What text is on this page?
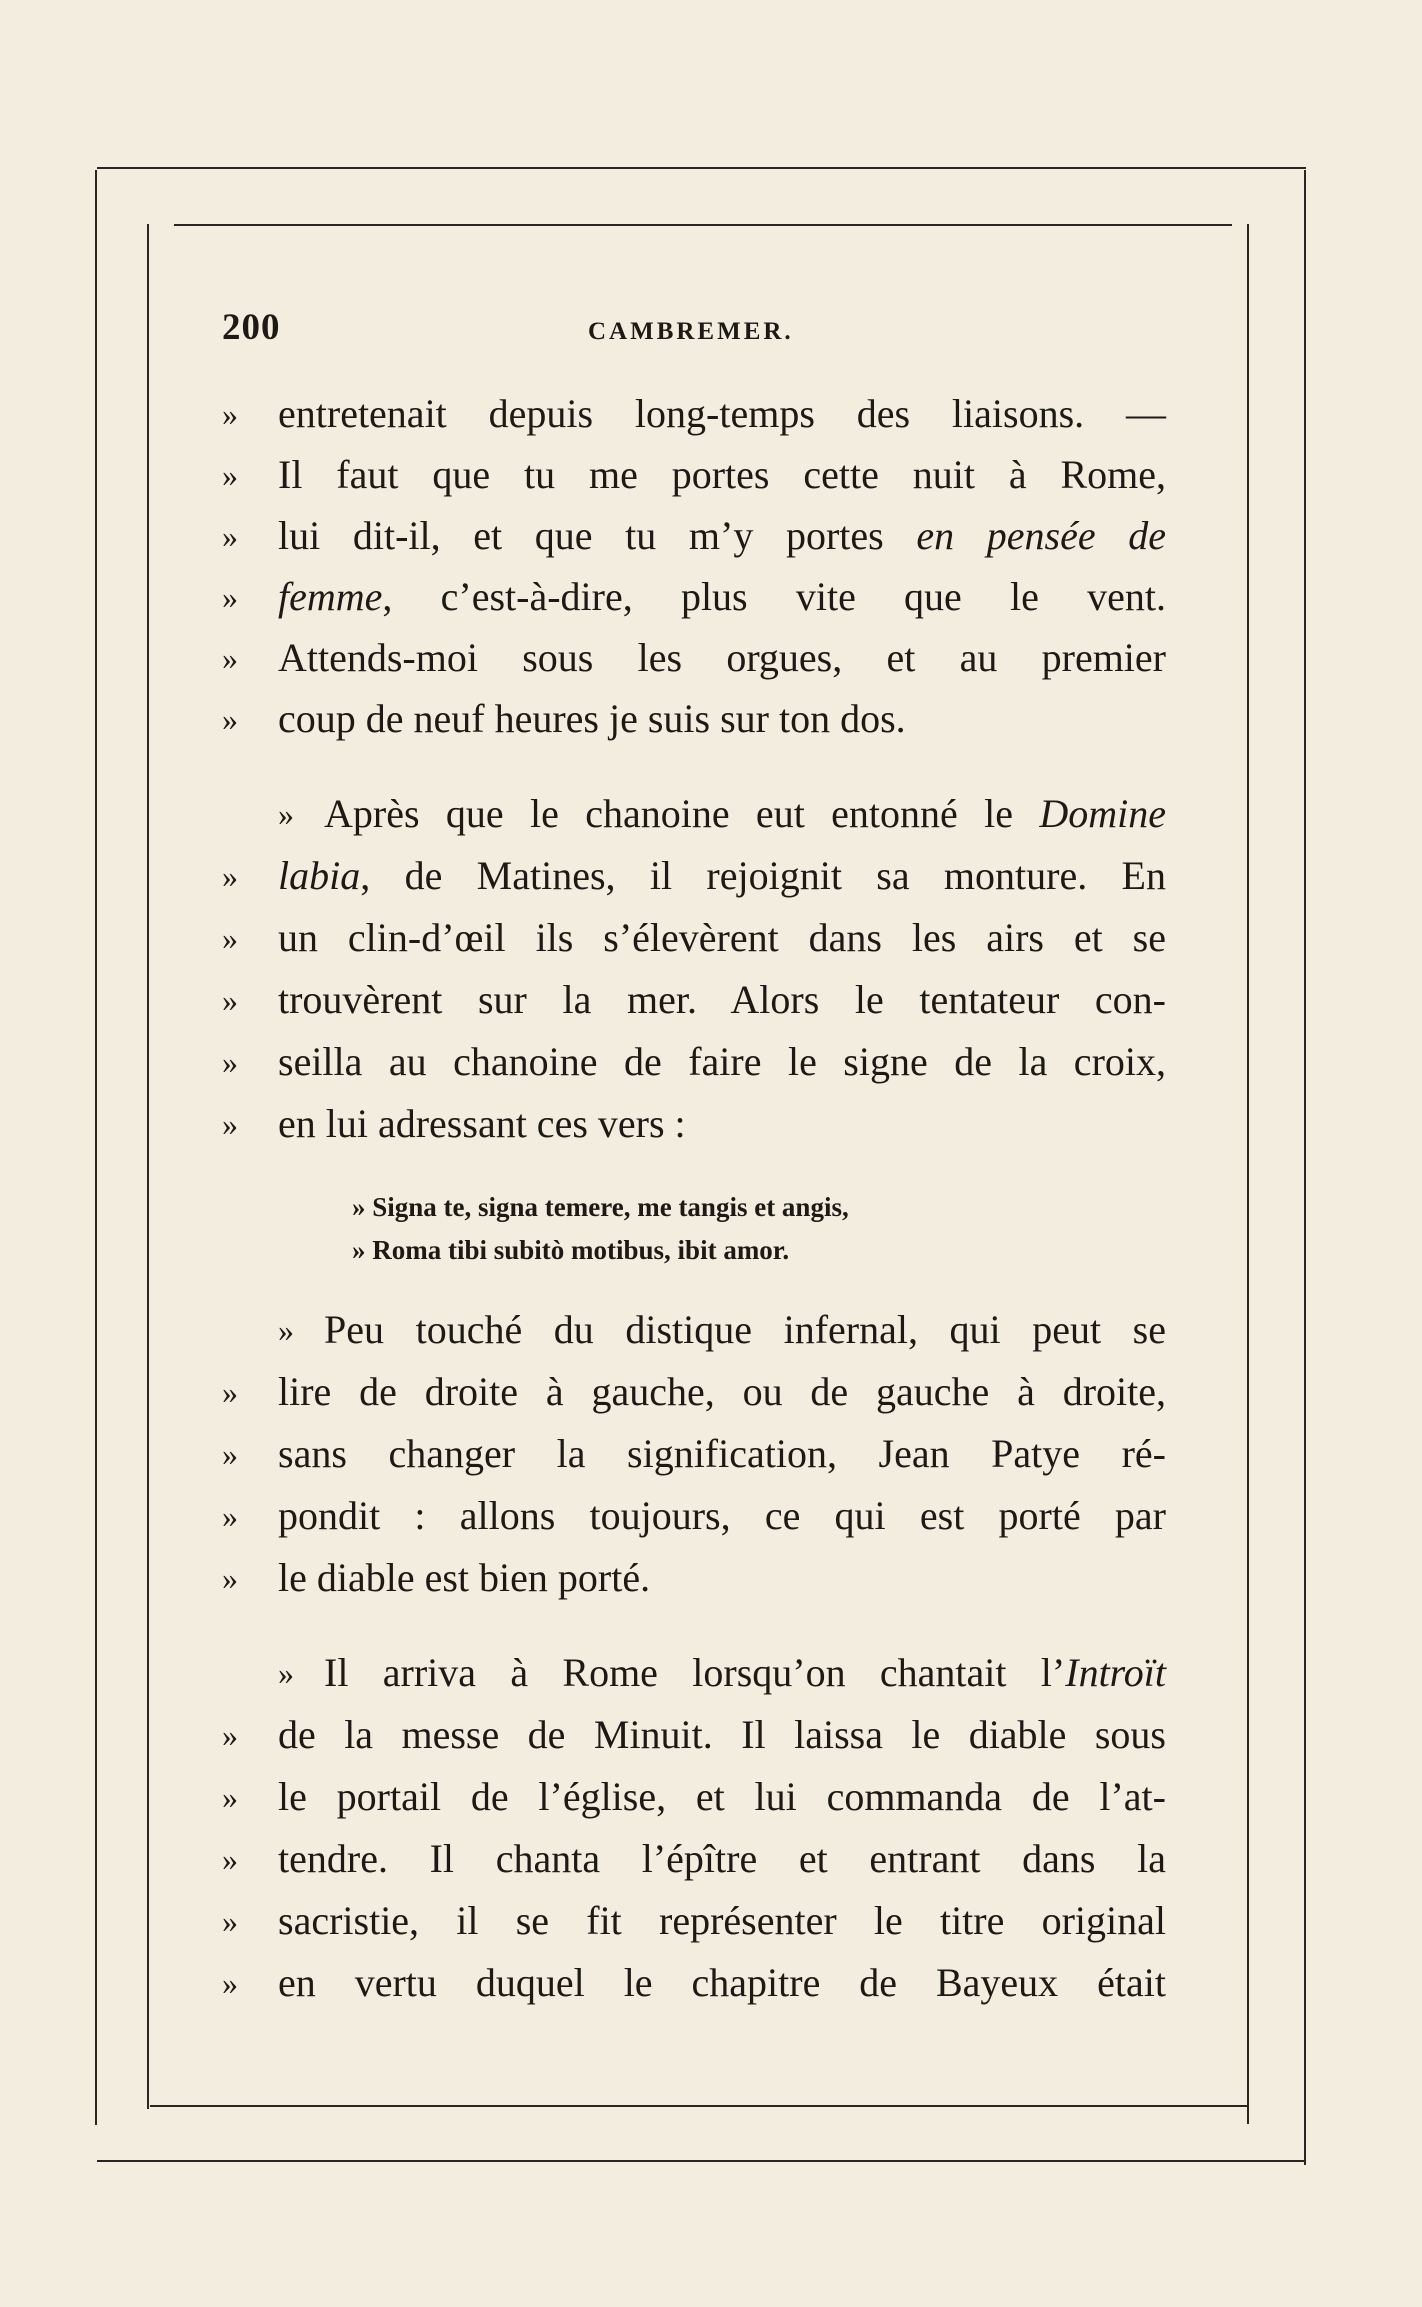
200	CAMBREMER.
» entretenait depuis long-temps des liaisons. —
» Il faut que tu me portes cette nuit à Rome,
» lui dit-il, et que tu m’y portes en pensée de
» femme, c’est-à-dire, plus vite que le vent.
» Attends-moi sous les orgues, et au premier
» coup de neuf heures je suis sur ton dos.
» Après que le chanoine eut entonné le Domine
» labia, de Matines, il rejoignit sa monture. En
» un clin-d’œil ils s’élevèrent dans les airs et se
» trouvèrent sur la mer. Alors le tentateur con-
» seilla au chanoine de faire le signe de la croix,
» en lui adressant ces vers :
» Signa te, signa temere, me tangis et angis,
» Roma tibi subitò motibus, ibit amor.
» Peu touché du distique infernal, qui peut se
» lire de droite à gauche, ou de gauche à droite,
» sans changer la signification, Jean Patye ré-
» pondit : allons toujours, ce qui est porté par
» le diable est bien porté.
» Il arriva à Rome lorsqu’on chantait l’Introït
» de la messe de Minuit. Il laissa le diable sous
» le portail de l’église, et lui commanda de l’at-
» tendre. Il chanta l’épître et entrant dans la
» sacristie, il se fit représenter le titre original
» en vertu duquel le chapitre de Bayeux était
